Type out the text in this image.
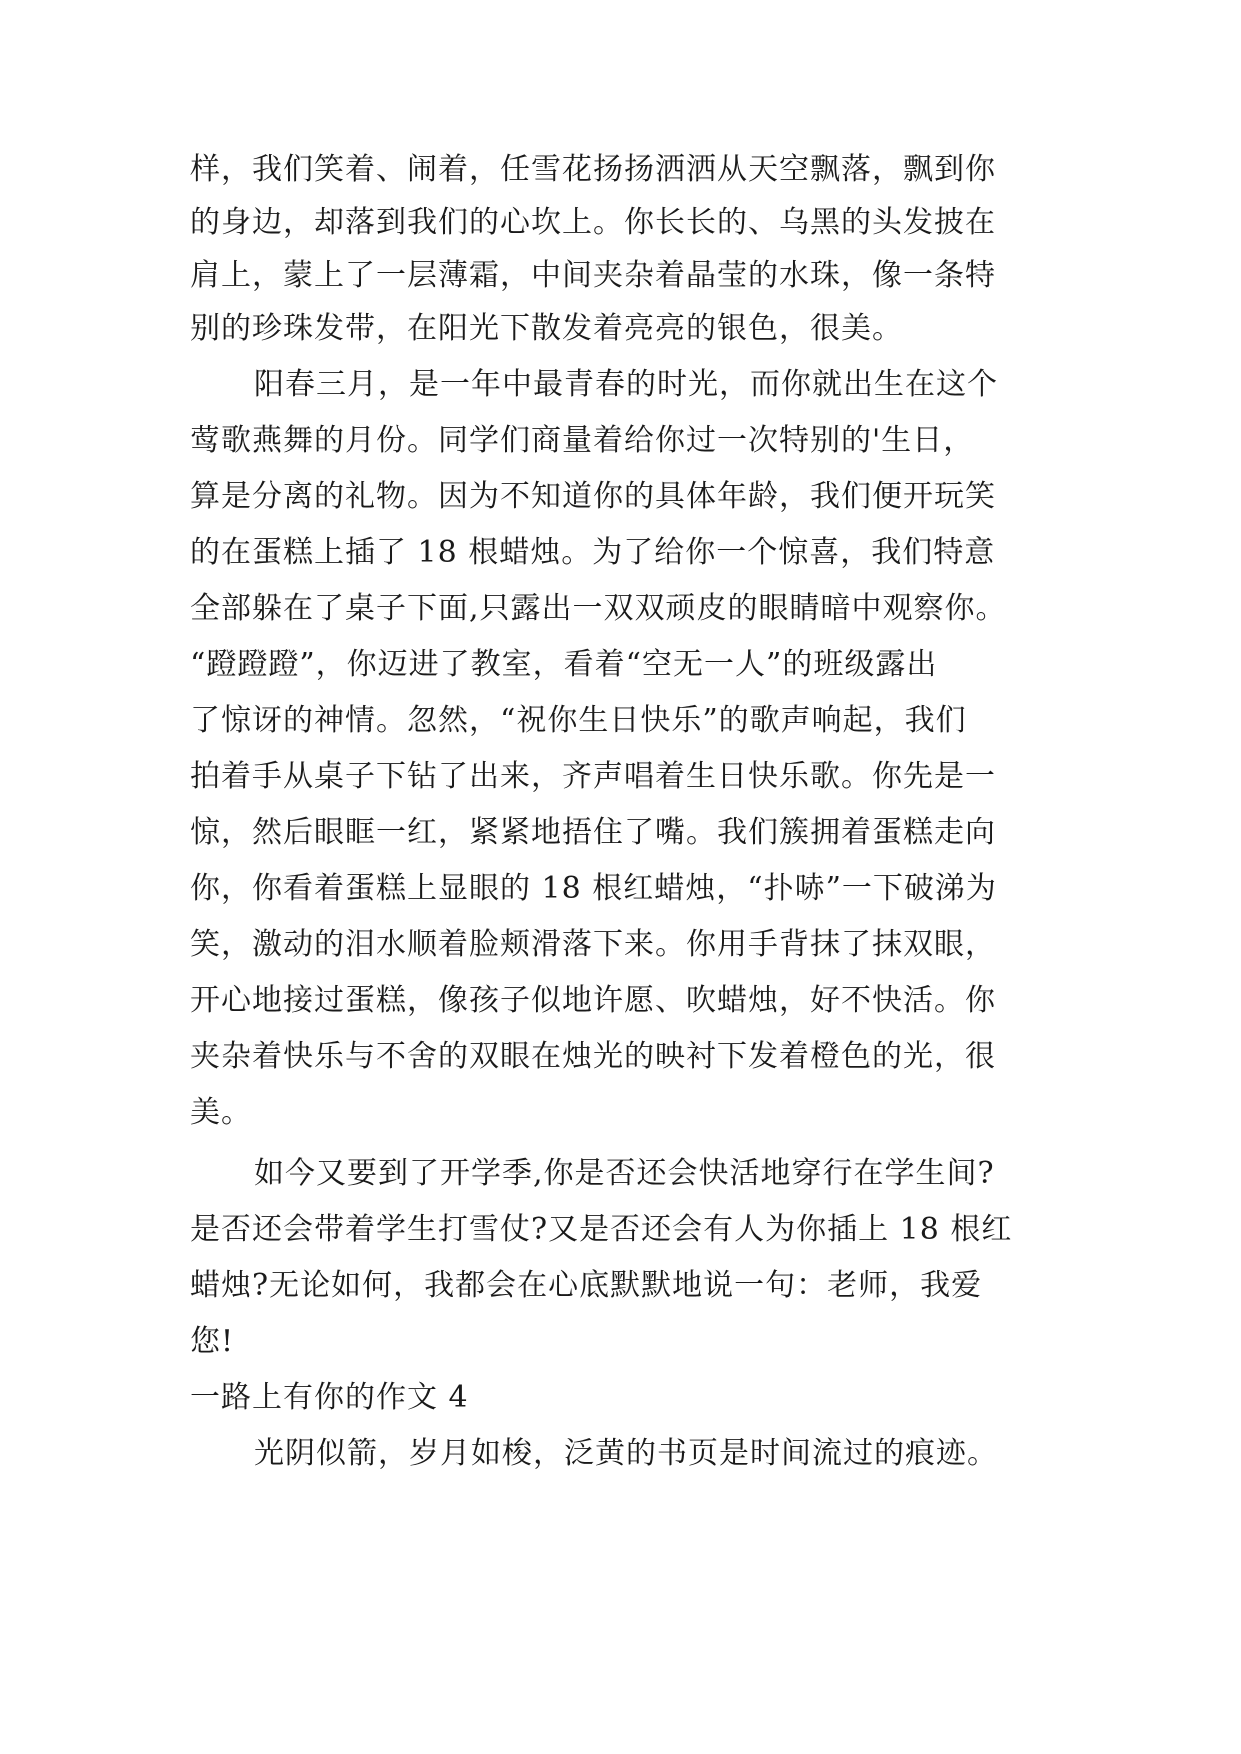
样，我们笑着、闹着，任雪花扬扬洒洒从天空飘落，飘到你

的身边，却落到我们的心坎上。你长长的、乌黑的头发披在

肩上，蒙上了一层薄霜，中间夹杂着晶莹的水珠，像一条特

别的珍珠发带，在阳光下散发着亮亮的银色，很美。

阳春三月，是一年中最青春的时光，而你就出生在这个

莺歌燕舞的月份。同学们商量着给你过一次特别的'生日，

算是分离的礼物。因为不知道你的具体年龄，我们便开玩笑

的在蛋糕上插了 18 根蜡烛。为了给你一个惊喜，我们特意

全部躲在了桌子下面,只露出一双双顽皮的眼睛暗中观察你。

“蹬蹬蹬”，你迈进了教室，看着“空无一人”的班级露出

了惊讶的神情。忽然，“祝你生日快乐”的歌声响起，我们

拍着手从桌子下钻了出来，齐声唱着生日快乐歌。你先是一

惊，然后眼眶一红，紧紧地捂住了嘴。我们簇拥着蛋糕走向

你，你看着蛋糕上显眼的 18 根红蜡烛，“扑哧”一下破涕为

笑，激动的泪水顺着脸颊滑落下来。你用手背抹了抹双眼，

开心地接过蛋糕，像孩子似地许愿、吹蜡烛，好不快活。你

夹杂着快乐与不舍的双眼在烛光的映衬下发着橙色的光，很

美。

如今又要到了开学季,你是否还会快活地穿行在学生间?

是否还会带着学生打雪仗?又是否还会有人为你插上 18 根红

蜡烛?无论如何，我都会在心底默默地说一句：老师，我爱

您!

一路上有你的作文 4

光阴似箭，岁月如梭，泛黄的书页是时间流过的痕迹。
